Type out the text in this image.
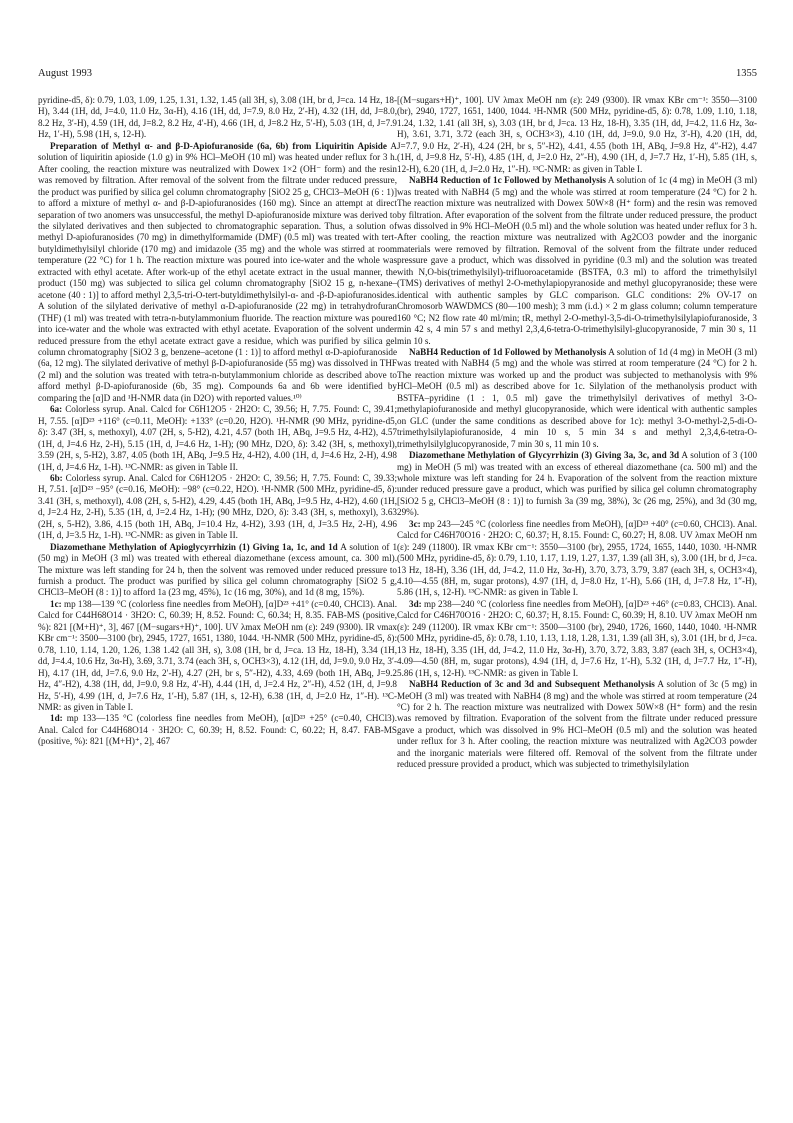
August 1993	1355

pyridine-d5, δ): 0.79, 1.03, 1.09, 1.25, 1.31, 1.32, 1.45 (all 3H, s), 3.08 (1H, br d, J=ca. 14 Hz, 18-H), 3.44 (1H, dd, J=4.0, 11.0 Hz, 3α-H), 4.16 (1H, dd, J=7.9, 8.0 Hz, 2′-H), 4.32 (1H, dd, J=8.0, 8.2 Hz, 3′-H), 4.59 (1H, dd, J=8.2, 8.2 Hz, 4′-H), 4.66 (1H, d, J=8.2 Hz, 5′-H), 5.03 (1H, d, J=7.9 Hz, 1′-H), 5.98 (1H, s, 12-H).

Preparation of Methyl α- and β-D-Apiofuranoside (6a, 6b) from Liquiritin Apiside A solution of liquiritin apioside (1.0 g) in 9% HCl–MeOH (10 ml) was heated under reflux for 3 h. After cooling, the reaction mixture was neutralized with Dowex 1×2 (OH⁻ form) and the resin was removed by filtration. After removal of the solvent from the filtrate under reduced pressure, the product was purified by silica gel column chromatography [SiO2 25 g, CHCl3–MeOH (6 : 1)] to afford a mixture of methyl α- and β-D-apiofuranosides (160 mg). Since an attempt at direct separation of two anomers was unsuccessful, the methyl D-apiofuranoside mixture was derived to the silylated derivatives and then subjected to chromatographic separation. Thus, a solution of methyl D-apiofuranosides (70 mg) in dimethylformamide (DMF) (0.5 ml) was treated with tert-butyldimethylsilyl chloride (170 mg) and imidazole (35 mg) and the whole was stirred at room temperature (22 °C) for 1 h. The reaction mixture was poured into ice-water and the whole was extracted with ethyl acetate. After work-up of the ethyl acetate extract in the usual manner, the product (150 mg) was subjected to silica gel column chromatography [SiO2 15 g, n-hexane–acetone (40 : 1)] to afford methyl 2,3,5-tri-O-tert-butyldimethylsilyl-α- and -β-D-apiofuranosides. A solution of the silylated derivative of methyl α-D-apiofuranoside (22 mg) in tetrahydrofuran (THF) (1 ml) was treated with tetra-n-butylammonium fluoride. The reaction mixture was poured into ice-water and the whole was extracted with ethyl acetate. Evaporation of the solvent under reduced pressure from the ethyl acetate extract gave a residue, which was purified by silica gel column chromatography [SiO2 3 g, benzene–acetone (1 : 1)] to afford methyl α-D-apiofuranoside (6a, 12 mg). The silylated derivative of methyl β-D-apiofuranoside (55 mg) was dissolved in THF (2 ml) and the solution was treated with tetra-n-butylammonium chloride as described above to afford methyl β-D-apiofuranoside (6b, 35 mg). Compounds 6a and 6b were identified by comparing the [α]D and ¹H-NMR data (in D2O) with reported values.¹⁰⁾

6a: Colorless syrup. Anal. Calcd for C6H12O5 · 2H2O: C, 39.56; H, 7.75. Found: C, 39.41; H, 7.55. [α]D²³ +116° (c=0.11, MeOH): +133° (c=0.20, H2O). ¹H-NMR (90 MHz, pyridine-d5, δ): 3.47 (3H, s, methoxyl), 4.07 (2H, s, 5-H2), 4.21, 4.57 (both 1H, ABq, J=9.5 Hz, 4-H2), 4.57 (1H, d, J=4.6 Hz, 2-H), 5.15 (1H, d, J=4.6 Hz, 1-H); (90 MHz, D2O, δ): 3.42 (3H, s, methoxyl), 3.59 (2H, s, 5-H2), 3.87, 4.05 (both 1H, ABq, J=9.5 Hz, 4-H2), 4.00 (1H, d, J=4.6 Hz, 2-H), 4.98 (1H, d, J=4.6 Hz, 1-H). ¹³C-NMR: as given in Table II.

6b: Colorless syrup. Anal. Calcd for C6H12O5 · 2H2O: C, 39.56; H, 7.75. Found: C, 39.33; H, 7.51. [α]D²³ −95° (c=0.16, MeOH): −98° (c=0.22, H2O). ¹H-NMR (500 MHz, pyridine-d5, δ): 3.41 (3H, s, methoxyl), 4.08 (2H, s, 5-H2), 4.29, 4.45 (both 1H, ABq, J=9.5 Hz, 4-H2), 4.60 (1H, d, J=2.4 Hz, 2-H), 5.35 (1H, d, J=2.4 Hz, 1-H); (90 MHz, D2O, δ): 3.43 (3H, s, methoxyl), 3.63 (2H, s, 5-H2), 3.86, 4.15 (both 1H, ABq, J=10.4 Hz, 4-H2), 3.93 (1H, d, J=3.5 Hz, 2-H), 4.96 (1H, d, J=3.5 Hz, 1-H). ¹³C-NMR: as given in Table II.

Diazomethane Methylation of Apioglycyrrhizin (1) Giving 1a, 1c, and 1d A solution of 1 (50 mg) in MeOH (3 ml) was treated with ethereal diazomethane (excess amount, ca. 300 ml). The mixture was left standing for 24 h, then the solvent was removed under reduced pressure to furnish a product. The product was purified by silica gel column chromatography [SiO2 5 g, CHCl3–MeOH (8 : 1)] to afford 1a (23 mg, 45%), 1c (16 mg, 30%), and 1d (8 mg, 15%).

1c: mp 138—139 °C (colorless fine needles from MeOH), [α]D²³ +41° (c=0.40, CHCl3). Anal. Calcd for C44H68O14 · 3H2O: C, 60.39; H, 8.52. Found: C, 60.34; H, 8.35. FAB-MS (positive, %): 821 [(M+H)⁺, 3], 467 [(M−sugars+H)⁺, 100]. UV λmax MeOH nm (ε): 249 (9300). IR νmax KBr cm⁻¹: 3500—3100 (br), 2945, 1727, 1651, 1380, 1044. ¹H-NMR (500 MHz, pyridine-d5, δ): 0.78, 1.10, 1.14, 1.20, 1.26, 1.38 1.42 (all 3H, s), 3.08 (1H, br d, J=ca. 13 Hz, 18-H), 3.34 (1H, dd, J=4.4, 10.6 Hz, 3α-H), 3.69, 3.71, 3.74 (each 3H, s, OCH3×3), 4.12 (1H, dd, J=9.0, 9.0 Hz, 3′-H), 4.17 (1H, dd, J=7.6, 9.0 Hz, 2′-H), 4.27 (2H, br s, 5″-H2), 4.33, 4.69 (both 1H, ABq, J=9.2 Hz, 4″-H2), 4.38 (1H, dd, J=9.0, 9.8 Hz, 4′-H), 4.44 (1H, d, J=2.4 Hz, 2″-H), 4.52 (1H, d, J=9.8 Hz, 5′-H), 4.99 (1H, d, J=7.6 Hz, 1′-H), 5.87 (1H, s, 12-H), 6.38 (1H, d, J=2.0 Hz, 1″-H). ¹³C-NMR: as given in Table I.

1d: mp 133—135 °C (colorless fine needles from MeOH), [α]D²³ +25° (c=0.40, CHCl3). Anal. Calcd for C44H68O14 · 3H2O: C, 60.39; H, 8.52. Found: C, 60.22; H, 8.47. FAB-MS (positive, %): 821 [(M+H)⁺, 2], 467

[(M−sugars+H)⁺, 100]. UV λmax MeOH nm (ε): 249 (9300). IR νmax KBr cm⁻¹: 3550—3100 (br), 2940, 1727, 1651, 1400, 1044. ¹H-NMR (500 MHz, pyridine-d5, δ): 0.78, 1.09, 1.10, 1.18, 1.24, 1.32, 1.41 (all 3H, s), 3.03 (1H, br d, J=ca. 13 Hz, 18-H), 3.35 (1H, dd, J=4.2, 11.6 Hz, 3α-H), 3.61, 3.71, 3.72 (each 3H, s, OCH3×3), 4.10 (1H, dd, J=9.0, 9.0 Hz, 3′-H), 4.20 (1H, dd, J=7.7, 9.0 Hz, 2′-H), 4.24 (2H, br s, 5″-H2), 4.41, 4.55 (both 1H, ABq, J=9.8 Hz, 4″-H2), 4.47 (1H, d, J=9.8 Hz, 5′-H), 4.85 (1H, d, J=2.0 Hz, 2″-H), 4.90 (1H, d, J=7.7 Hz, 1′-H), 5.85 (1H, s, 12-H), 6.20 (1H, d, J=2.0 Hz, 1″-H). ¹³C-NMR: as given in Table I.

NaBH4 Reduction of 1c Followed by Methanolysis A solution of 1c (4 mg) in MeOH (3 ml) was treated with NaBH4 (5 mg) and the whole was stirred at room temperature (24 °C) for 2 h. The reaction mixture was neutralized with Dowex 50W×8 (H⁺ form) and the resin was removed by filtration. After evaporation of the solvent from the filtrate under reduced pressure, the product was dissolved in 9% HCl–MeOH (0.5 ml) and the whole solution was heated under reflux for 3 h. After cooling, the reaction mixture was neutralized with Ag2CO3 powder and the inorganic materials were removed by filtration. Removal of the solvent from the filtrate under reduced pressure gave a product, which was dissolved in pyridine (0.3 ml) and the solution was treated with N,O-bis(trimethylsilyl)-trifluoroacetamide (BSTFA, 0.3 ml) to afford the trimethylsilyl (TMS) derivatives of methyl 2-O-methylapiopyranoside and methyl glucopyranoside; these were identical with authentic samples by GLC comparison. GLC conditions: 2% OV-17 on Chromosorb WAWDMCS (80—100 mesh); 3 mm (i.d.) × 2 m glass column; column temperature 160 °C; N2 flow rate 40 ml/min; tR, methyl 2-O-methyl-3,5-di-O-trimethylsilylapiofuranoside, 3 min 42 s, 4 min 57 s and methyl 2,3,4,6-tetra-O-trimethylsilyl-glucopyranoside, 7 min 30 s, 11 min 10 s.

NaBH4 Reduction of 1d Followed by Methanolysis A solution of 1d (4 mg) in MeOH (3 ml) was treated with NaBH4 (5 mg) and the whole was stirred at room temperature (24 °C) for 2 h. The reaction mixture was worked up and the product was subjected to methanolysis with 9% HCl–MeOH (0.5 ml) as described above for 1c. Silylation of the methanolysis product with BSTFA–pyridine (1 : 1, 0.5 ml) gave the trimethylsilyl derivatives of methyl 3-O-methylapiofuranoside and methyl glucopyranoside, which were identical with authentic samples on GLC (under the same conditions as described above for 1c): methyl 3-O-methyl-2,5-di-O-trimethylsilylapiofuranoside, 4 min 10 s, 5 min 34 s and methyl 2,3,4,6-tetra-O-trimethylsilylglucopyranoside, 7 min 30 s, 11 min 10 s.

Diazomethane Methylation of Glycyrrhizin (3) Giving 3a, 3c, and 3d A solution of 3 (100 mg) in MeOH (5 ml) was treated with an excess of ethereal diazomethane (ca. 500 ml) and the whole mixture was left standing for 24 h. Evaporation of the solvent from the reaction mixture under reduced pressure gave a product, which was purified by silica gel column chromatography [SiO2 5 g, CHCl3–MeOH (8 : 1)] to furnish 3a (39 mg, 38%), 3c (26 mg, 25%), and 3d (30 mg, 29%).

3c: mp 243—245 °C (colorless fine needles from MeOH), [α]D²³ +40° (c=0.60, CHCl3). Anal. Calcd for C46H70O16 · 2H2O: C, 60.37; H, 8.15. Found: C, 60.27; H, 8.08. UV λmax MeOH nm (ε): 249 (11800). IR νmax KBr cm⁻¹: 3550—3100 (br), 2955, 1724, 1655, 1440, 1030. ¹H-NMR (500 MHz, pyridine-d5, δ): 0.79, 1.10, 1.17, 1.19, 1.27, 1.37, 1.39 (all 3H, s), 3.00 (1H, br d, J=ca. 13 Hz, 18-H), 3.36 (1H, dd, J=4.2, 11.0 Hz, 3α-H), 3.70, 3.73, 3.79, 3.87 (each 3H, s, OCH3×4), 4.10—4.55 (8H, m, sugar protons), 4.97 (1H, d, J=8.0 Hz, 1′-H), 5.66 (1H, d, J=7.8 Hz, 1″-H), 5.86 (1H, s, 12-H). ¹³C-NMR: as given in Table I.

3d: mp 238—240 °C (colorless fine needles from MeOH), [α]D²³ +46° (c=0.83, CHCl3). Anal. Calcd for C46H70O16 · 2H2O: C, 60.37; H, 8.15. Found: C, 60.39; H, 8.10. UV λmax MeOH nm (ε): 249 (11200). IR νmax KBr cm⁻¹: 3500—3100 (br), 2940, 1726, 1660, 1440, 1040. ¹H-NMR (500 MHz, pyridine-d5, δ): 0.78, 1.10, 1.13, 1.18, 1.28, 1.31, 1.39 (all 3H, s), 3.01 (1H, br d, J=ca. 13 Hz, 18-H), 3.35 (1H, dd, J=4.2, 11.0 Hz, 3α-H), 3.70, 3.72, 3.83, 3.87 (each 3H, s, OCH3×4), 4.09—4.50 (8H, m, sugar protons), 4.94 (1H, d, J=7.6 Hz, 1′-H), 5.32 (1H, d, J=7.7 Hz, 1″-H), 5.86 (1H, s, 12-H). ¹³C-NMR: as given in Table I.

NaBH4 Reduction of 3c and 3d and Subsequent Methanolysis A solution of 3c (5 mg) in MeOH (3 ml) was treated with NaBH4 (8 mg) and the whole was stirred at room temperature (24 °C) for 2 h. The reaction mixture was neutralized with Dowex 50W×8 (H⁺ form) and the resin was removed by filtration. Evaporation of the solvent from the filtrate under reduced pressure gave a product, which was dissolved in 9% HCl–MeOH (0.5 ml) and the solution was heated under reflux for 3 h. After cooling, the reaction mixture was neutralized with Ag2CO3 powder and the inorganic materials were filtered off. Removal of the solvent from the filtrate under reduced pressure provided a product, which was subjected to trimethylsilylation
